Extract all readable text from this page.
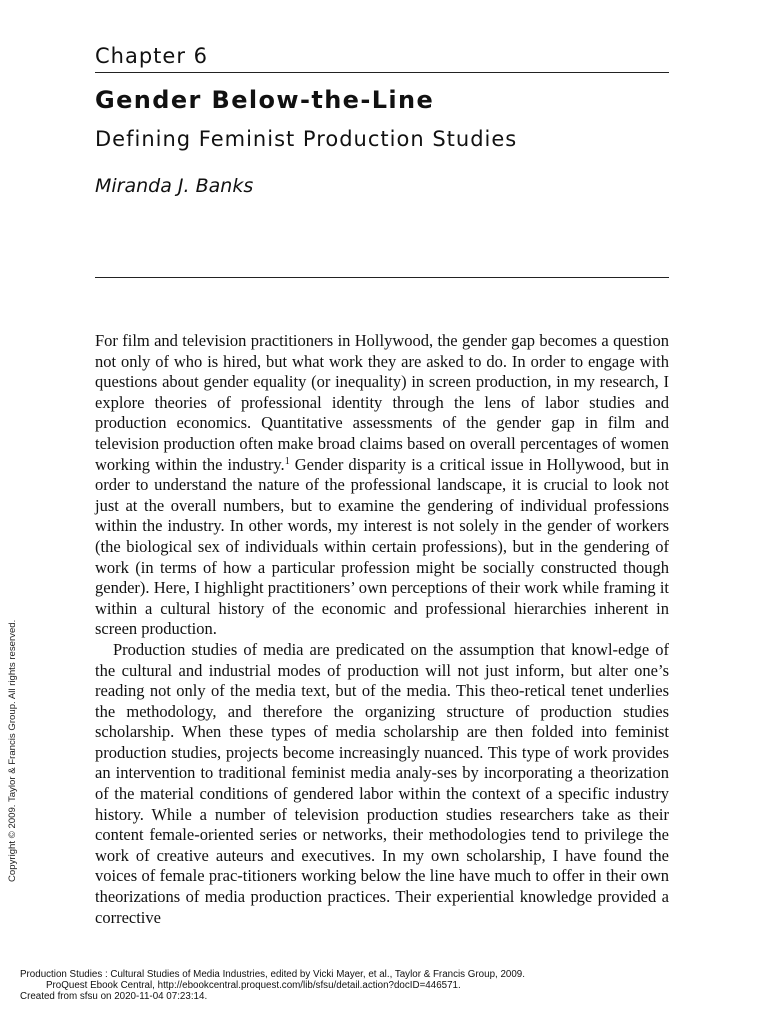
Chapter 6
Gender Below-the-Line
Defining Feminist Production Studies
Miranda J. Banks

For film and television practitioners in Hollywood, the gender gap becomes a question not only of who is hired, but what work they are asked to do. In order to engage with questions about gender equality (or inequality) in screen production, in my research, I explore theories of professional identity through the lens of labor studies and production economics. Quantitative assessments of the gender gap in film and television production often make broad claims based on overall percentages of women working within the industry.$^1$ Gender disparity is a critical issue in Hollywood, but in order to understand the nature of the professional landscape, it is crucial to look not just at the overall numbers, but to examine the gendering of individual professions within the industry. In other words, my interest is not solely in the gender of workers (the biological sex of individuals within certain professions), but in the gendering of work (in terms of how a particular profession might be socially constructed though gender). Here, I highlight practitioners’ own perceptions of their work while framing it within a cultural history of the economic and professional hierarchies inherent in screen production.

Production studies of media are predicated on the assumption that knowl-edge of the cultural and industrial modes of production will not just inform, but alter one’s reading not only of the media text, but of the media. This theo-retical tenet underlies the methodology, and therefore the organizing structure of production studies scholarship. When these types of media scholarship are then folded into feminist production studies, projects become increasingly nuanced. This type of work provides an intervention to traditional feminist media analy-ses by incorporating a theorization of the material conditions of gendered labor within the context of a specific industry history. While a number of television production studies researchers take as their content female-oriented series or networks, their methodologies tend to privilege the work of creative auteurs and executives. In my own scholarship, I have found the voices of female prac-titioners working below the line have much to offer in their own theorizations of media production practices. Their experiential knowledge provided a corrective

Copyright © 2009. Taylor & Francis Group. All rights reserved.
Production Studies : Cultural Studies of Media Industries, edited by Vicki Mayer, et al., Taylor & Francis Group, 2009.
ProQuest Ebook Central, http://ebookcentral.proquest.com/lib/sfsu/detail.action?docID=446571.
Created from sfsu on 2020-11-04 07:23:14.
